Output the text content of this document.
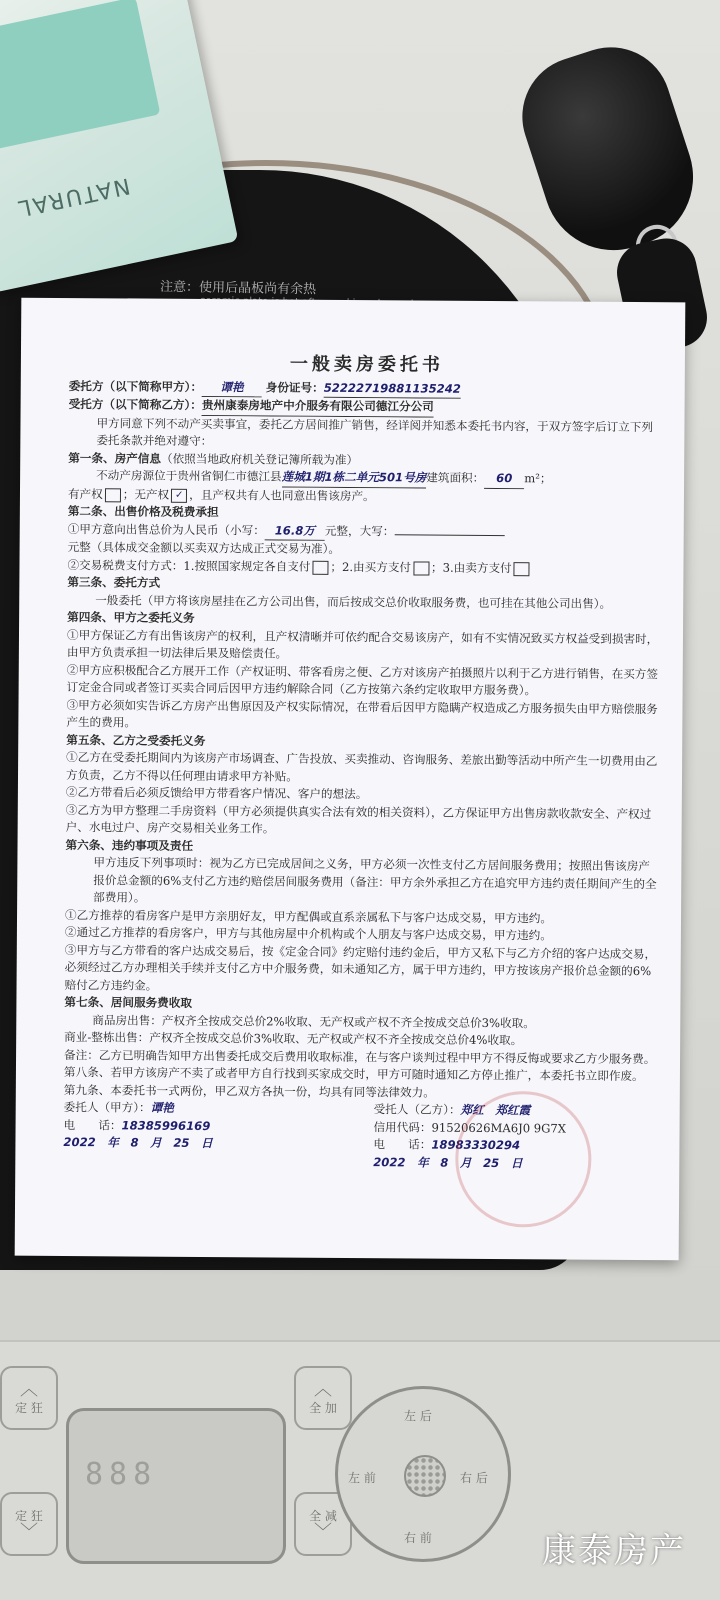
NATURAL
注意：使用后晶板尚有余热
一般卖房委托书
委托方（以下简称甲方）： 谭艳 身份证号：52222719881135242
受托方（以下简称乙方）：贵州康泰房地产中介服务有限公司德江分公司
甲方同意下列不动产买卖事宜，委托乙方居间推广销售，经详阅并知悉本委托书内容，于双方签字后订立下列委托条款并绝对遵守：
第一条、房产信息（依照当地政府机关登记簿所载为准）
不动产房源位于贵州省铜仁市德江县莲城1期1栋二单元501号房建筑面积： 60 m²；
有产权 ；无产权 ✓ ，且产权共有人也同意出售该房产。
第二条、出售价格及税费承担
①甲方意向出售总价为人民币（小写： 16.8万 元整，大写：
元整（具体成交金额以买卖双方达成正式交易为准）。
②交易税费支付方式：1.按照国家规定各自支付 ；2.由买方支付 ；3.由卖方支付
第三条、委托方式
一般委托（甲方将该房屋挂在乙方公司出售，而后按成交总价收取服务费，也可挂在其他公司出售）。
第四条、甲方之委托义务
①甲方保证乙方有出售该房产的权利，且产权清晰并可依约配合交易该房产，如有不实情况致买方权益受到损害时，由甲方负责承担一切法律后果及赔偿责任。
②甲方应积极配合乙方展开工作（产权证明、带客看房之便、乙方对该房产拍摄照片以利于乙方进行销售，在买方签订定金合同或者签订买卖合同后因甲方违约解除合同（乙方按第六条约定收取甲方服务费）。
③甲方必须如实告诉乙方房产出售原因及产权实际情况，在带看后因甲方隐瞒产权造成乙方服务损失由甲方赔偿服务产生的费用。
第五条、乙方之受委托义务
①乙方在受委托期间内为该房产市场调查、广告投放、买卖推动、咨询服务、差旅出勤等活动中所产生一切费用由乙方负责，乙方不得以任何理由请求甲方补贴。
②乙方带看后必须反馈给甲方带看客户情况、客户的想法。
③乙方为甲方整理二手房资料（甲方必须提供真实合法有效的相关资料），乙方保证甲方出售房款收款安全、产权过户、水电过户、房产交易相关业务工作。
第六条、违约事项及责任
甲方违反下列事项时：视为乙方已完成居间之义务，甲方必须一次性支付乙方居间服务费用；按照出售该房产报价总金额的6%支付乙方违约赔偿居间服务费用（备注：甲方余外承担乙方在追究甲方违约责任期间产生的全部费用）。
①乙方推荐的看房客户是甲方亲朋好友，甲方配偶或直系亲属私下与客户达成交易，甲方违约。
②通过乙方推荐的看房客户，甲方与其他房屋中介机构或个人朋友与客户达成交易，甲方违约。
③甲方与乙方带看的客户达成交易后，按《定金合同》约定赔付违约金后，甲方又私下与乙方介绍的客户达成交易，必须经过乙方办理相关手续并支付乙方中介服务费，如未通知乙方，属于甲方违约，甲方按该房产报价总金额的6%赔付乙方违约金。
第七条、居间服务费收取
商品房出售：产权齐全按成交总价2%收取、无产权或产权不齐全按成交总价3%收取。
商业-整栋出售：产权齐全按成交总价3%收取、无产权或产权不齐全按成交总价4%收取。
备注：乙方已明确告知甲方出售委托成交后费用收取标准，在与客户谈判过程中甲方不得反悔或要求乙方少服务费。
第八条、若甲方该房产不卖了或者甲方自行找到买家成交时，甲方可随时通知乙方停止推广，本委托书立即作废。
第九条、本委托书一式两份，甲乙双方各执一份，均具有同等法律效力。
委托人（甲方）：谭艳
电　　话：18385996169
2022　年　8　月　25　日
受托人（乙方）：郑红　郑红霞
信用代码：91520626MA6J0 9G7X
电　　话：18983330294
2022　年　8　月　25　日
︿
定 狂
定 狂
﹀
888
︿
全 加
全 减
﹀
左 后
左 前	右 后
右 前	康泰房产
